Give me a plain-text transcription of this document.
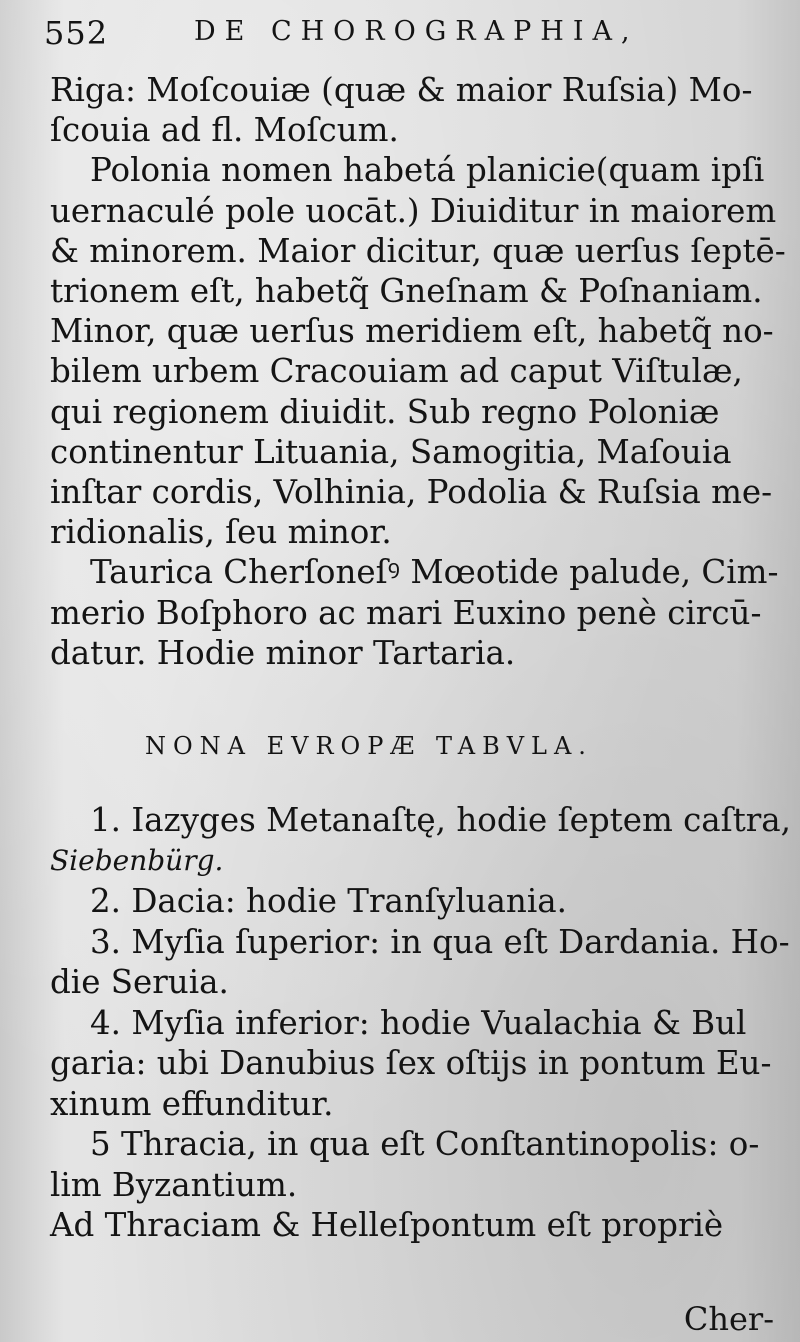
552	DE CHOROGRAPHIA,
Riga: Moſcouiæ (quæ & maior Ruſsia) Mo-
ſcouia ad fl. Moſcum.
Polonia nomen habetá planicie(quam ipſi
uernaculé pole uocāt.) Diuiditur in maiorem
& minorem. Maior dicitur, quæ uerſus ſeptē-
trionem eſt, habetq̃ Gneſnam & Poſnaniam.
Minor, quæ uerſus meridiem eſt, habetq̃ no-
bilem urbem Cracouiam ad caput Viſtulæ,
qui regionem diuidit. Sub regno Poloniæ
continentur Lituania, Samogitia, Maſouia
inſtar cordis, Volhinia, Podolia & Ruſsia me-
ridionalis, ſeu minor.
Taurica Cherſoneſꝰ Mœotide palude, Cim-
merio Boſphoro ac mari Euxino penè circū-
datur. Hodie minor Tartaria.
NONA EVROPÆ TABVLA.
1. Iazyges Metanaſtę, hodie ſeptem caſtra,
Siebenbürg.
2. Dacia: hodie Tranſyluania.
3. Myſia ſuperior: in qua eſt Dardania. Ho-
die Seruia.
4. Myſia inferior: hodie Vualachia & Bul
garia: ubi Danubius ſex oſtijs in pontum Eu-
xinum effunditur.
5 Thracia, in qua eſt Conſtantinopolis: o-
lim Byzantium.
Ad Thraciam & Helleſpontum eſt propriè
Cher-
